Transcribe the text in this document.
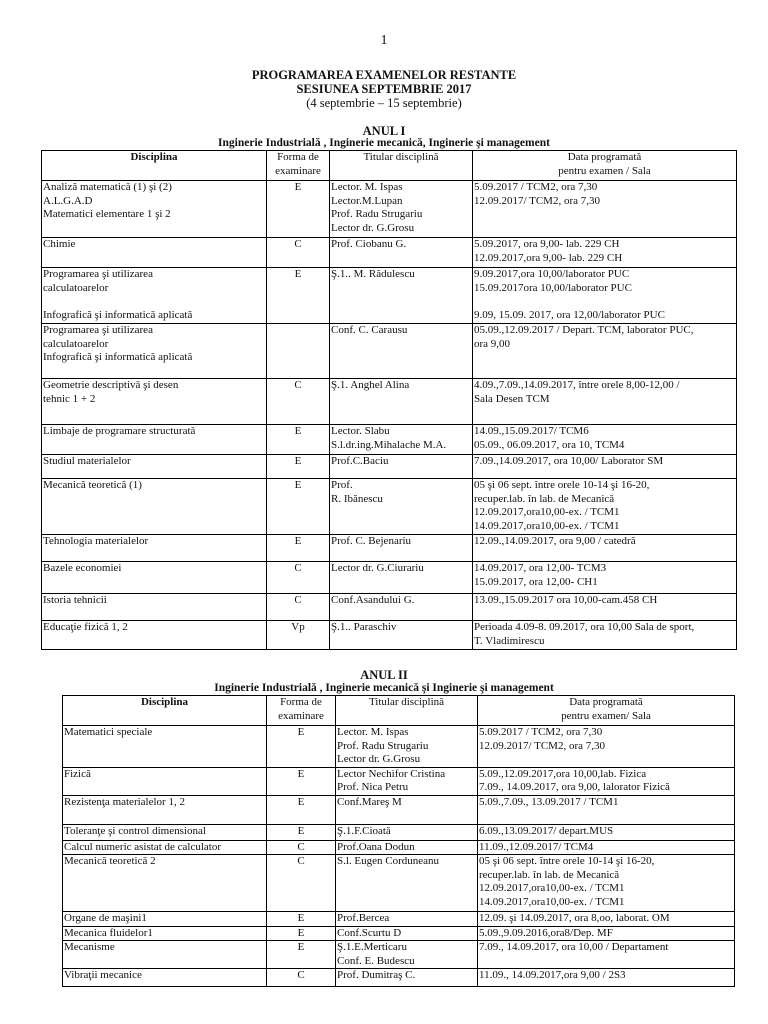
1
PROGRAMAREA EXAMENELOR RESTANTE
SESIUNEA SEPTEMBRIE 2017
(4 septembrie – 15 septembrie)
ANUL I
Inginerie Industrială , Inginerie mecanică, Inginerie şi management
Disciplina	Forma de
examinare	Titular disciplină	Data programată
pentru examen / Sala

Analiză matematică (1) şi (2)
A.L.G.A.D
Matematici elementare 1 şi 2	E	Lector. M. Ispas
Lector.M.Lupan
Prof. Radu Strugariu
Lector dr. G.Grosu	5.09.2017 / TCM2, ora 7,30
12.09.2017/ TCM2, ora 7,30

Chimie	C	Prof. Ciobanu G.	5.09.2017, ora 9,00- lab. 229 CH
12.09.2017,ora 9,00- lab. 229 CH

Programarea şi utilizarea
calculatoarelor
Infografică şi informatică aplicată	E	Ş.1.. M. Rădulescu	9.09.2017,ora 10,00/laborator PUC
15.09.2017ora 10,00/laborator PUC
9.09, 15.09. 2017, ora 12,00/laborator PUC

Programarea şi utilizarea
calculatoarelor
Infografică şi informatică aplicată		Conf. C. Carausu	05.09.,12.09.2017 / Depart. TCM, laborator PUC,
ora 9,00

Geometrie descriptivă şi desen
tehnic 1 + 2	C	Ş.1. Anghel Alina	4.09.,7.09.,14.09.2017, între orele 8,00-12,00 /
Sala Desen TCM

Limbaje de programare structurată	E	Lector. Slabu
S.l.dr.ing.Mihalache M.A.	14.09.,15.09.2017/ TCM6
05.09., 06.09.2017, ora 10, TCM4

Studiul materialelor	E	Prof.C.Baciu	7.09.,14.09.2017, ora 10,00/ Laborator SM

Mecanică teoretică (1)	E	Prof.
R. Ibănescu	05 şi 06 sept. între orele 10-14 şi 16-20,
recuper.lab. în lab. de Mecanică
12.09.2017,ora10,00-ex. / TCM1
14.09.2017,ora10,00-ex. / TCM1

Tehnologia materialelor	E	Prof. C. Bejenariu	12.09.,14.09.2017, ora 9,00 / catedră

Bazele economiei	C	Lector dr. G.Ciurariu	14.09.2017, ora 12,00- TCM3
15.09.2017, ora 12,00- CH1

Istoria tehnicii	C	Conf.Asandului G.	13.09.,15.09.2017 ora 10,00-cam.458 CH

Educaţie fizică 1, 2	Vp	Ş.1.. Paraschiv	Perioada 4.09-8. 09.2017, ora 10,00 Sala de sport,
T. Vladimirescu
ANUL II
Inginerie Industrială , Inginerie mecanică şi Inginerie şi management
Disciplina	Forma de
examinare	Titular disciplină	Data programată
pentru examen/ Sala

Matematici speciale	E	Lector. M. Ispas
Prof. Radu Strugariu
Lector dr. G.Grosu	5.09.2017 / TCM2, ora 7,30
12.09.2017/ TCM2, ora 7,30

Fizică	E	Lector Nechifor Cristina
Prof. Nica Petru	5.09.,12.09.2017,ora 10,00,lab. Fizica
7.09., 14.09.2017, ora 9,00, lalorator Fizică

Rezistenţa materialelor 1, 2	E	Conf.Mareş M	5.09.,7.09., 13.09.2017 / TCM1

Toleranţe şi control dimensional	E	Ş.1.F.Cioată	6.09.,13.09.2017/ depart.MUS

Calcul numeric asistat de calculator	C	Prof.Oana Dodun	11.09.,12.09.2017/ TCM4

Mecanică teoretică 2	C	S.l. Eugen Corduneanu	05 şi 06 sept. între orele 10-14 şi 16-20,
recuper.lab. în lab. de Mecanică
12.09.2017,ora10,00-ex. / TCM1
14.09.2017,ora10,00-ex. / TCM1

Organe de maşini1	E	Prof.Bercea	12.09. şi 14.09.2017, ora 8,oo, laborat. OM

Mecanica fluidelor1	E	Conf.Scurtu D	5.09.,9.09.2016,ora8/Dep. MF

Mecanisme	E	Ş.1.E.Merticaru
Conf. E. Budescu	7.09., 14.09.2017, ora 10,00 / Departament

Vibraţii mecanice	C	Prof. Dumitraş C.	11.09., 14.09.2017,ora 9,00 / 2S3
